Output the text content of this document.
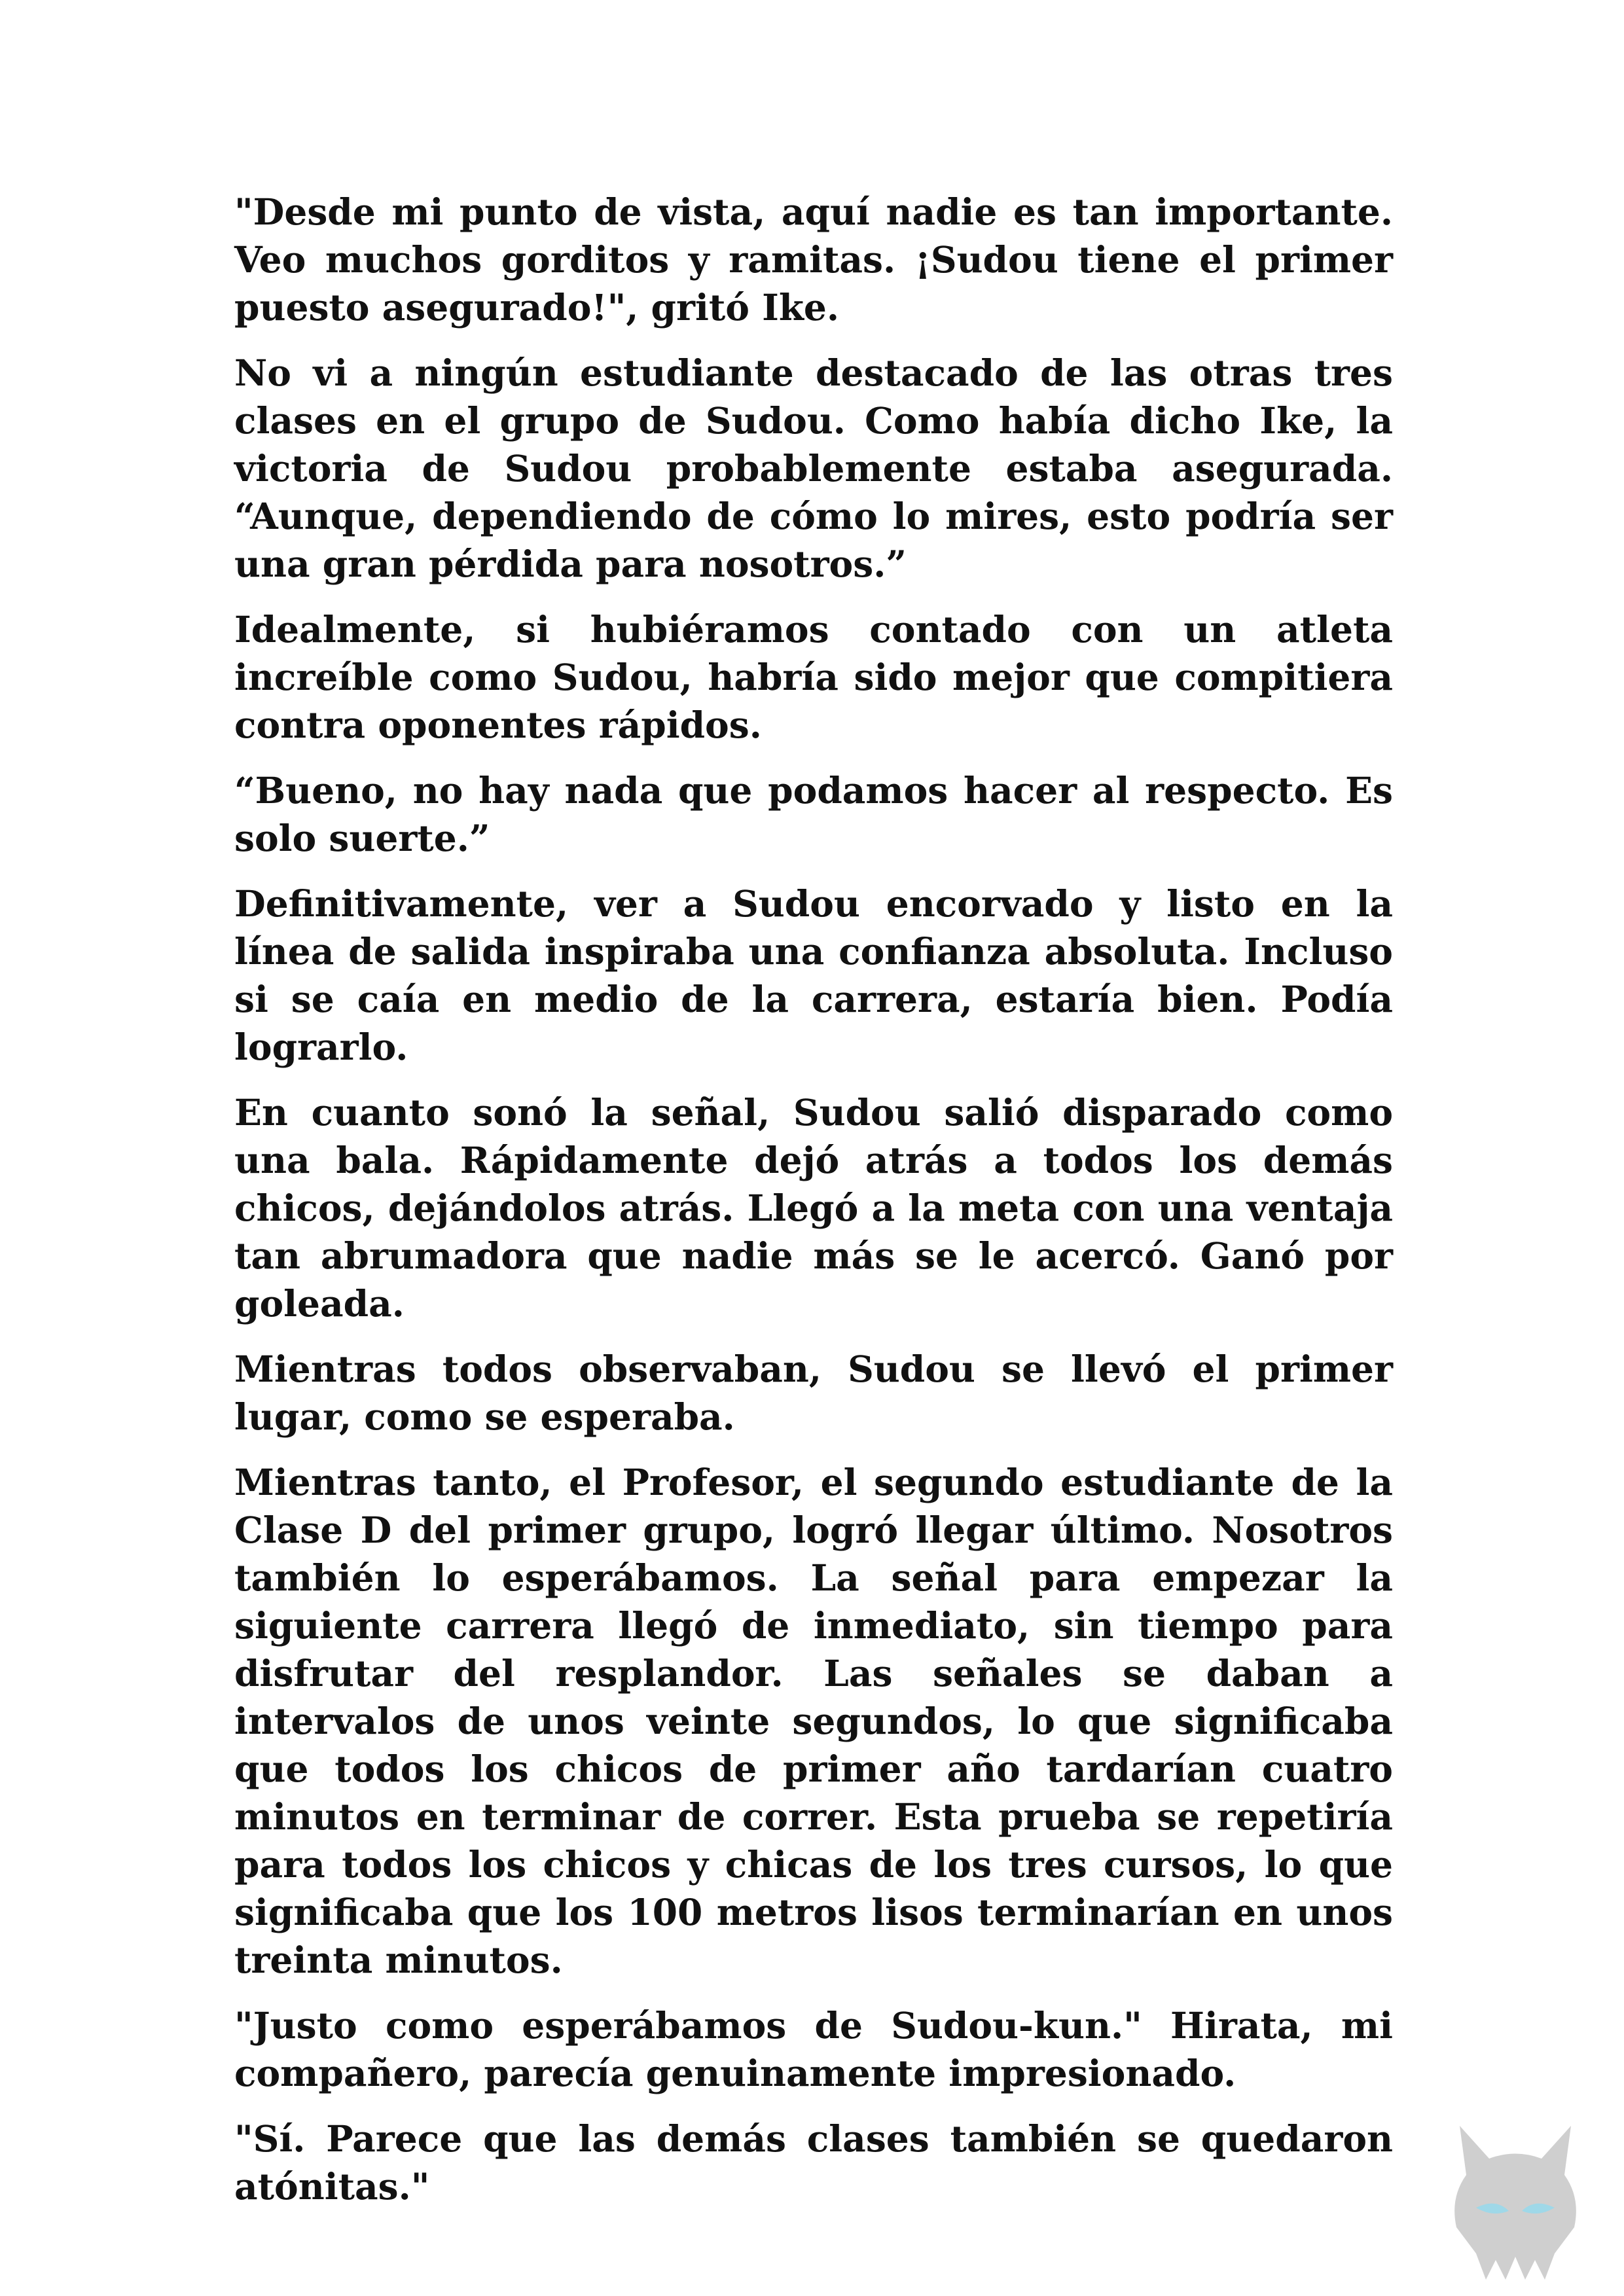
"Desde mi punto de vista, aquí nadie es tan importante. Veo muchos gorditos y ramitas. ¡Sudou tiene el primer puesto asegurado!", gritó Ike.

No vi a ningún estudiante destacado de las otras tres clases en el grupo de Sudou. Como había dicho Ike, la victoria de Sudou probablemente estaba asegurada. “Aunque, dependiendo de cómo lo mires, esto podría ser una gran pérdida para nosotros.”

Idealmente, si hubiéramos contado con un atleta increíble como Sudou, habría sido mejor que compitiera contra oponentes rápidos.

“Bueno, no hay nada que podamos hacer al respecto. Es solo suerte.”

Definitivamente, ver a Sudou encorvado y listo en la línea de salida inspiraba una confianza absoluta. Incluso si se caía en medio de la carrera, estaría bien. Podía lograrlo.

En cuanto sonó la señal, Sudou salió disparado como una bala. Rápidamente dejó atrás a todos los demás chicos, dejándolos atrás. Llegó a la meta con una ventaja tan abrumadora que nadie más se le acercó. Ganó por goleada.

Mientras todos observaban, Sudou se llevó el primer lugar, como se esperaba.

Mientras tanto, el Profesor, el segundo estudiante de la Clase D del primer grupo, logró llegar último. Nosotros también lo esperábamos. La señal para empezar la siguiente carrera llegó de inmediato, sin tiempo para disfrutar del resplandor. Las señales se daban a intervalos de unos veinte segundos, lo que significaba que todos los chicos de primer año tardarían cuatro minutos en terminar de correr. Esta prueba se repetiría para todos los chicos y chicas de los tres cursos, lo que significaba que los 100 metros lisos terminarían en unos treinta minutos.

"Justo como esperábamos de Sudou-kun." Hirata, mi compañero, parecía genuinamente impresionado.

"Sí. Parece que las demás clases también se quedaron atónitas."
